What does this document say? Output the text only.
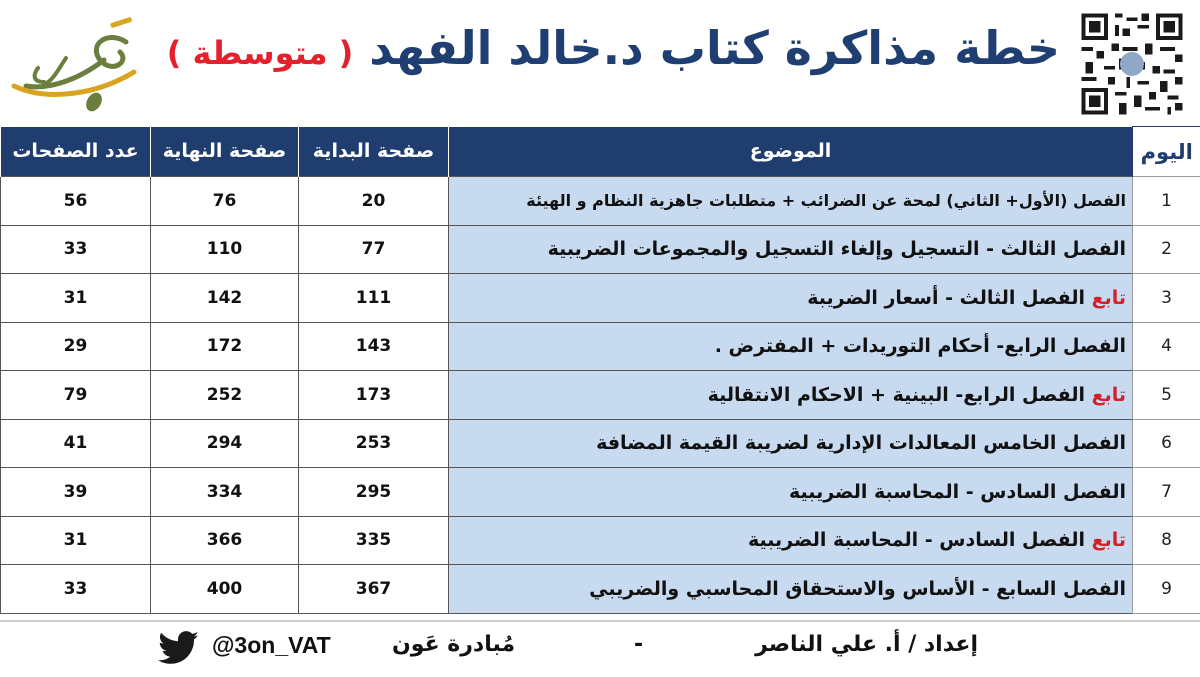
خطة مذاكرة كتاب د.خالد الفهد ( متوسطة )
اليوم	الموضوع	صفحة البداية	صفحة النهاية	عدد الصفحات
1	الفصل (الأول+ الثاني) لمحة عن الضرائب + متطلبات جاهزية النظام و الهيئة	20	76	56
2	الفصل الثالث - التسجيل وإلغاء التسجيل والمجموعات الضريبية	77	110	33
3	تابع الفصل الثالث - أسعار الضريبة	111	142	31
4	الفصل الرابع- أحكام التوريدات + المفترض .	143	172	29
5	تابع الفصل الرابع- البينية + الاحكام الانتقالية	173	252	79
6	الفصل الخامس المعالدات الإدارية لضريبة القيمة المضافة	253	294	41
7	الفصل السادس - المحاسبة الضريبية	295	334	39
8	تابع الفصل السادس - المحاسبة الضريبية	335	366	31
9	الفصل السابع - الأساس والاستحقاق المحاسبي والضريبي	367	400	33
إعداد / أ. علي الناصر
-
مُبادرة عَون
@3on_VAT
